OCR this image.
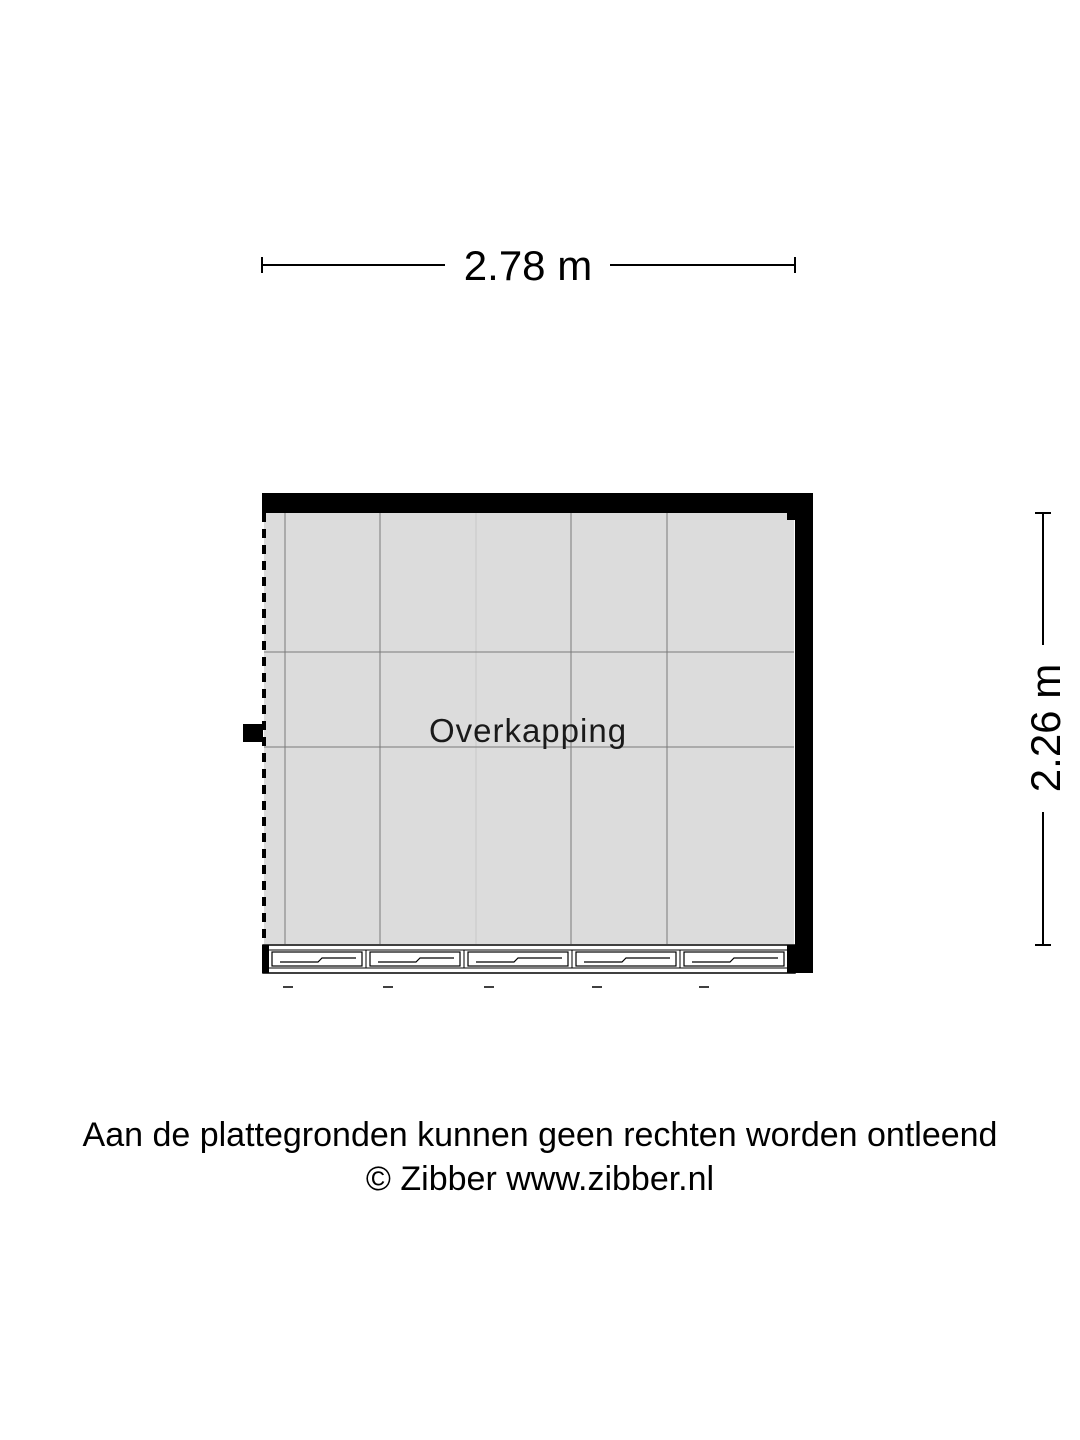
2.78 m
2.26 m
Overkapping
Aan de plattegronden kunnen geen rechten worden ontleend
© Zibber www.zibber.nl
